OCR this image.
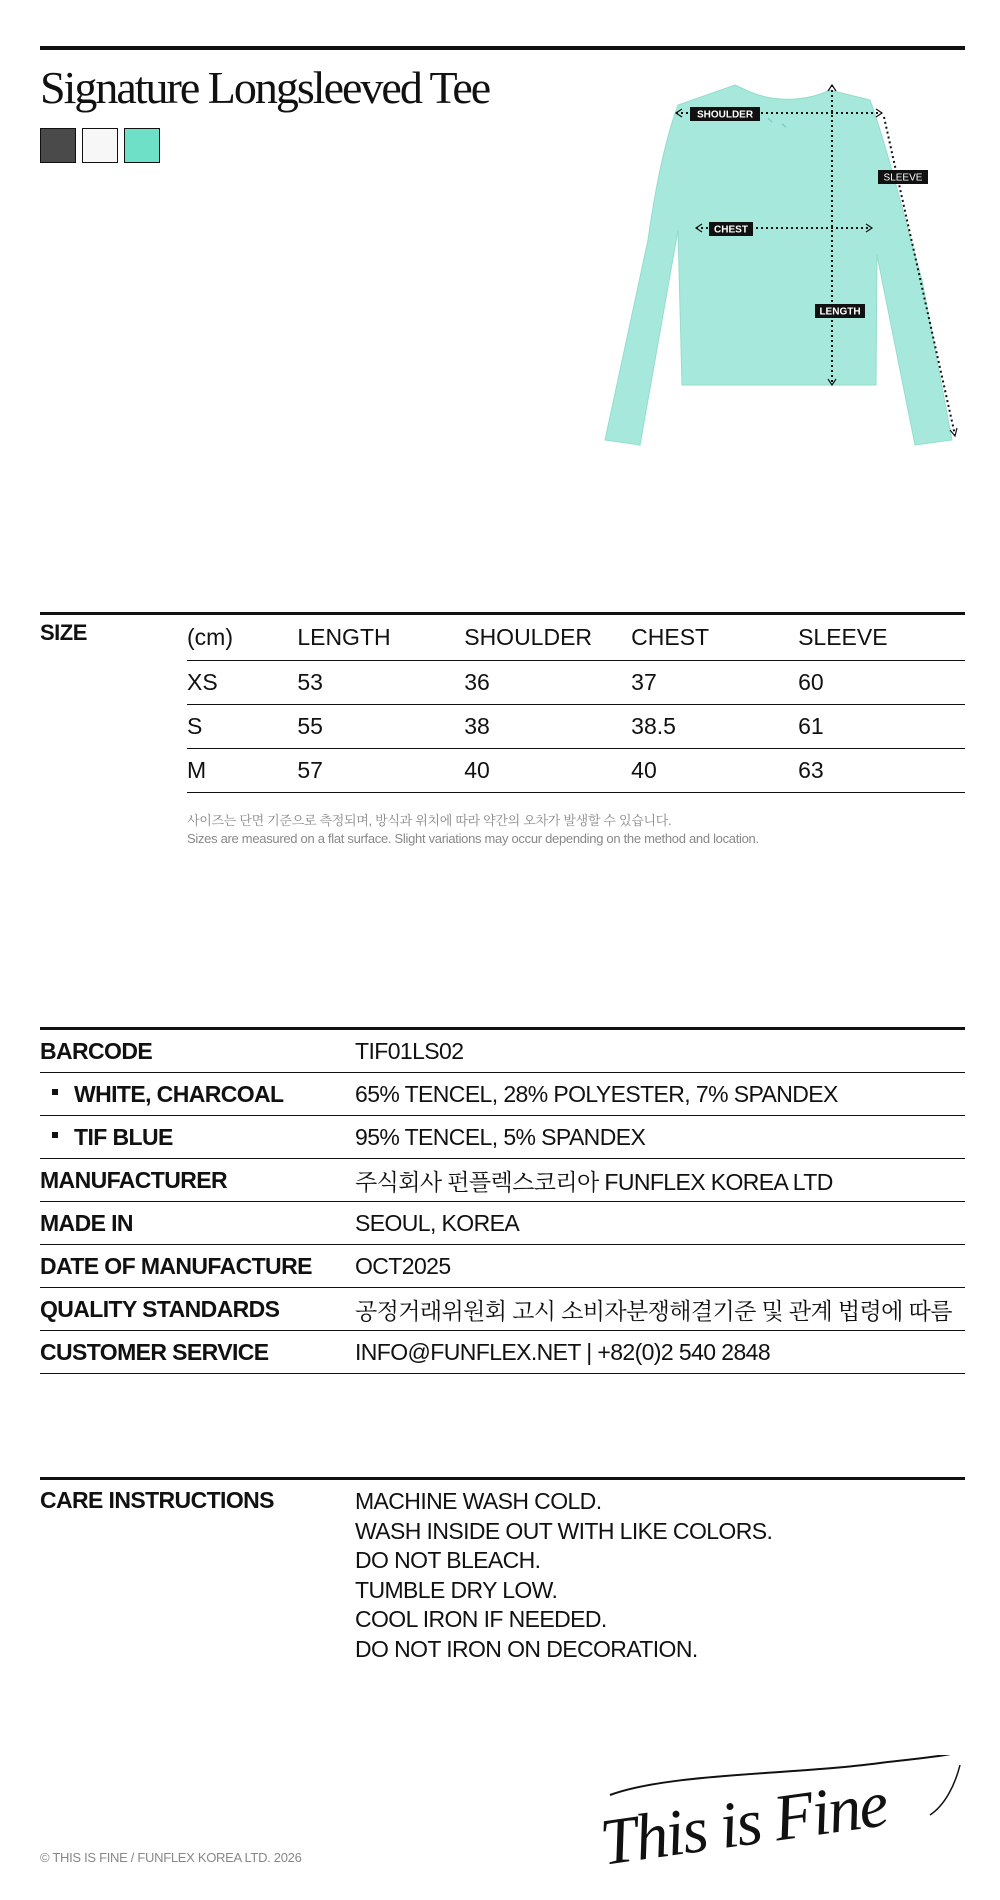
Signature Longsleeved Tee
SHOULDER
SLEEVE
CHEST
LENGTH
SIZE	(cm)	LENGTH	SHOULDER	CHEST	SLEEVE
XS	53	36	37	60
S	55	38	38.5	61
M	57	40	40	63
사이즈는 단면 기준으로 측정되며, 방식과 위치에 따라 약간의 오차가 발생할 수 있습니다.
Sizes are measured on a flat surface. Slight variations may occur depending on the method and location.
BARCODE	TIF01LS02
WHITE, CHARCOAL	65% TENCEL, 28% POLYESTER, 7% SPANDEX
TIF BLUE	95% TENCEL, 5% SPANDEX
MANUFACTURER	주식회사 펀플렉스코리아 FUNFLEX KOREA LTD
MADE IN	SEOUL, KOREA
DATE OF MANUFACTURE	OCT2025
QUALITY STANDARDS	공정거래위원회 고시 소비자분쟁해결기준 및 관계 법령에 따름
CUSTOMER SERVICE	INFO@FUNFLEX.NET | +82(0)2 540 2848
CARE INSTRUCTIONS	MACHINE WASH COLD.
WASH INSIDE OUT WITH LIKE COLORS.
DO NOT BLEACH.
TUMBLE DRY LOW.
COOL IRON IF NEEDED.
DO NOT IRON ON DECORATION.
© THIS IS FINE / FUNFLEX KOREA LTD. 2026	This is Fine
